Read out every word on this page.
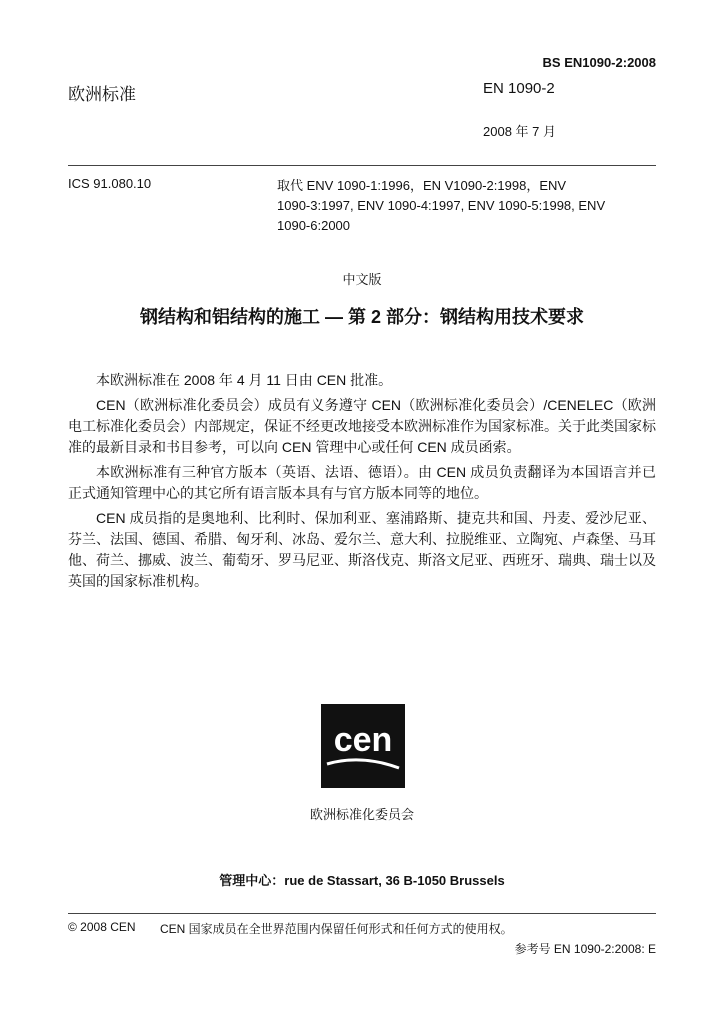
BS EN1090-2:2008
欧洲标准	EN 1090-2
2008 年 7 月
ICS 91.080.10	取代 ENV 1090-1:1996，EN V1090-2:1998，ENV
1090-3:1997, ENV 1090-4:1997, ENV 1090-5:1998, ENV
1090-6:2000
中文版
钢结构和铝结构的施工 — 第 2 部分：钢结构用技术要求

本欧洲标准在 2008 年 4 月 11 日由 CEN 批准。

CEN（欧洲标准化委员会）成员有义务遵守 CEN（欧洲标准化委员会）/CENELEC（欧洲电工标准化委员会）内部规定，保证不经更改地接受本欧洲标准作为国家标准。关于此类国家标准的最新目录和书目参考，可以向 CEN 管理中心或任何 CEN 成员函索。

本欧洲标准有三种官方版本（英语、法语、德语）。由 CEN 成员负责翻译为本国语言并已正式通知管理中心的其它所有语言版本具有与官方版本同等的地位。

CEN 成员指的是奥地利、比利时、保加利亚、塞浦路斯、捷克共和国、丹麦、爱沙尼亚、芬兰、法国、德国、希腊、匈牙利、冰岛、爱尔兰、意大利、拉脱维亚、立陶宛、卢森堡、马耳他、荷兰、挪威、波兰、葡萄牙、罗马尼亚、斯洛伐克、斯洛文尼亚、西班牙、瑞典、瑞士以及英国的国家标准机构。

cen
欧洲标准化委员会
管理中心：rue de Stassart, 36 B-1050 Brussels
© 2008 CEN CEN 国家成员在全世界范围内保留任何形式和任何方式的使用权。
参考号 EN 1090-2:2008: E
